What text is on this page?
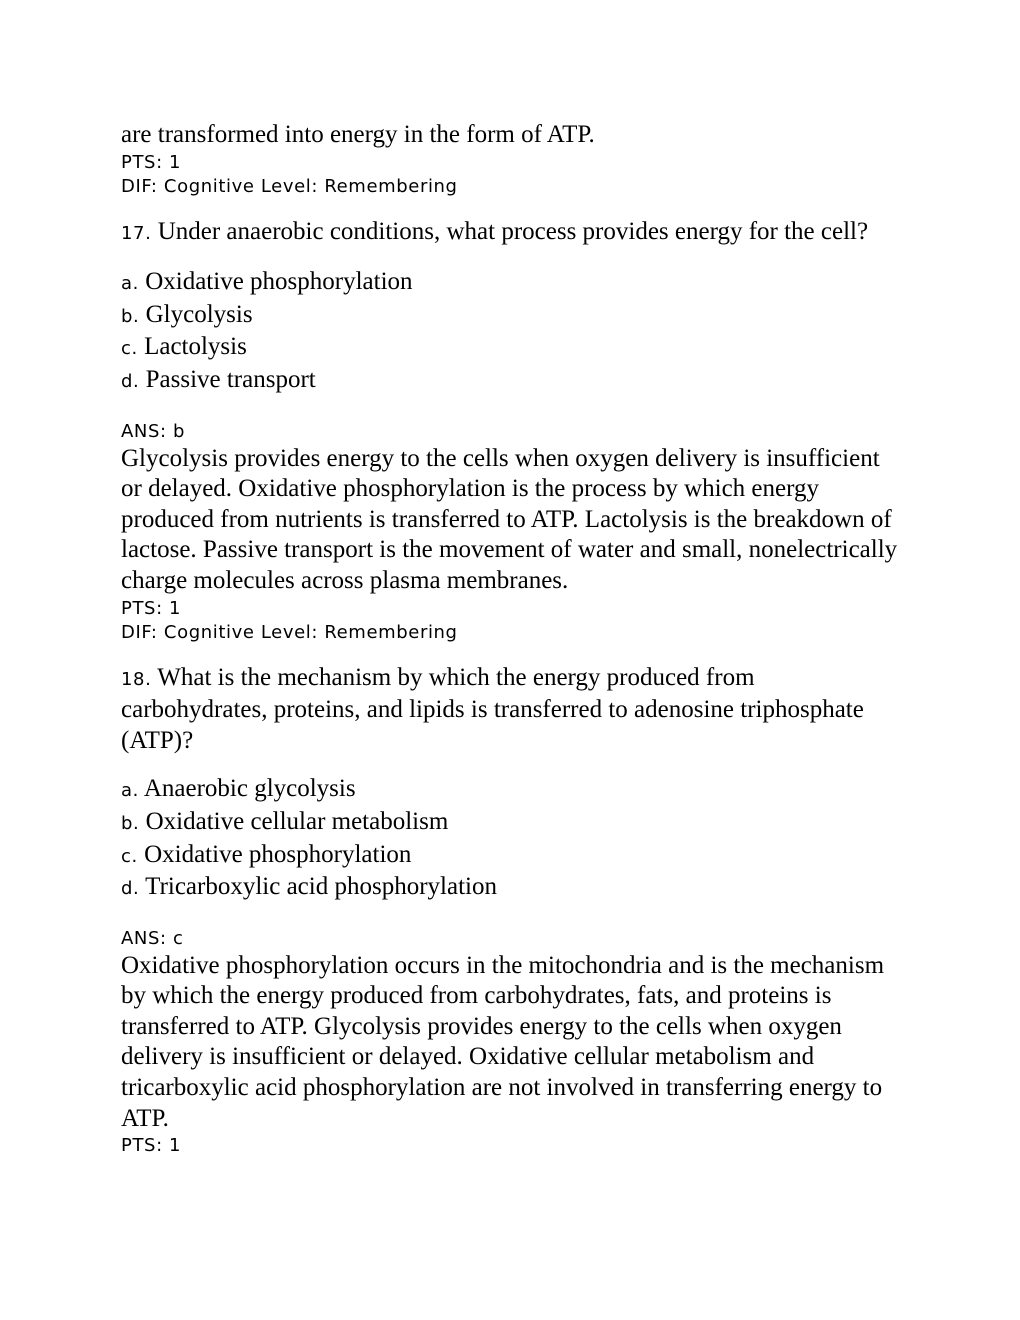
are transformed into energy in the form of ATP.

PTS: 1
DIF: Cognitive Level: Remembering

17. Under anaerobic conditions, what process provides energy for the cell?

a. Oxidative phosphorylation
b. Glycolysis
c. Lactolysis
d. Passive transport
ANS: b

Glycolysis provides energy to the cells when oxygen delivery is insufficient or delayed. Oxidative phosphorylation is the process by which energy produced from nutrients is transferred to ATP. Lactolysis is the breakdown of lactose. Passive transport is the movement of water and small, nonelectrically charge molecules across plasma membranes.

PTS: 1
DIF: Cognitive Level: Remembering

18. What is the mechanism by which the energy produced from carbohydrates, proteins, and lipids is transferred to adenosine triphosphate (ATP)?

a. Anaerobic glycolysis
b. Oxidative cellular metabolism
c. Oxidative phosphorylation
d. Tricarboxylic acid phosphorylation
ANS: c

Oxidative phosphorylation occurs in the mitochondria and is the mechanism by which the energy produced from carbohydrates, fats, and proteins is transferred to ATP. Glycolysis provides energy to the cells when oxygen delivery is insufficient or delayed. Oxidative cellular metabolism and tricarboxylic acid phosphorylation are not involved in transferring energy to ATP.

PTS: 1
